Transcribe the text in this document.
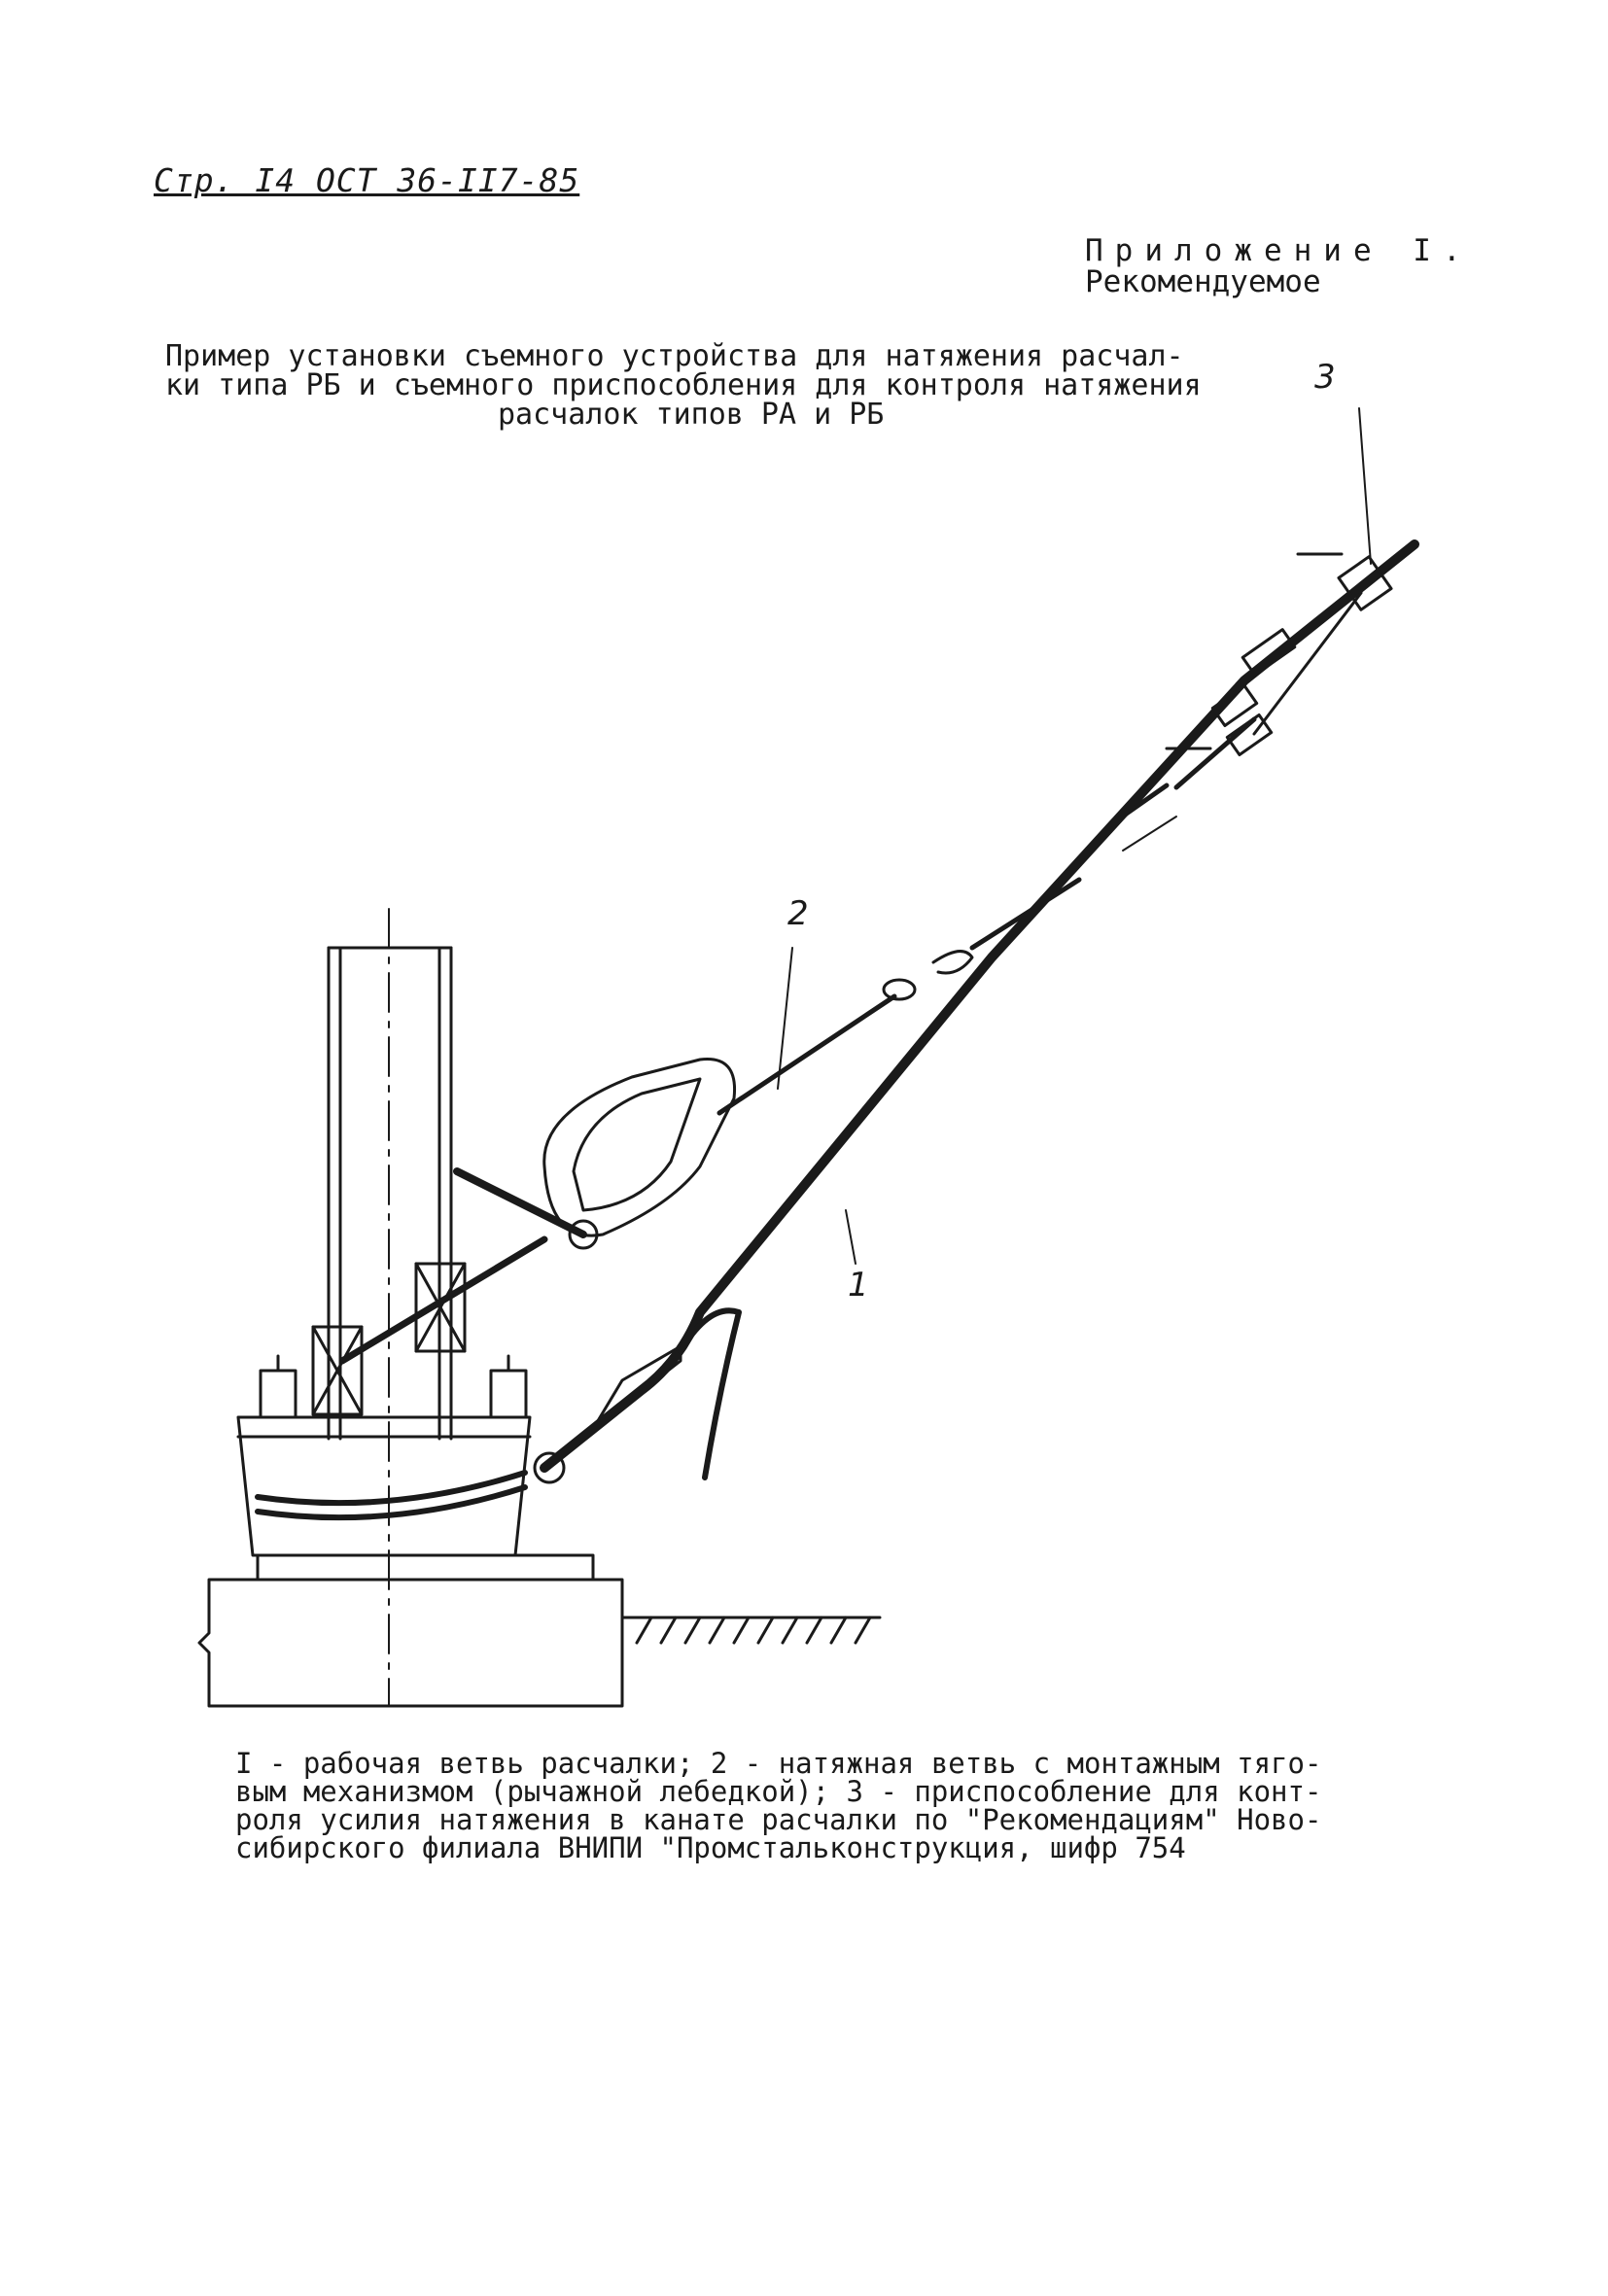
Стр. I4 ОСТ 36-II7-85
Приложение I.
Рекомендуемое
Пример установки съемного устройства для натяжения расчал-
ки типа РБ и съемного приспособления для контроля натяжения
расчалок типов РА и РБ
3
2
1
I - рабочая ветвь расчалки; 2 - натяжная ветвь с монтажным тяго-
вым механизмом (рычажной лебедкой); 3 - приспособление для конт-
роля усилия натяжения в канате расчалки по "Рекомендациям" Ново-
сибирского филиала ВНИПИ "Промстальконструкция, шифр 754
